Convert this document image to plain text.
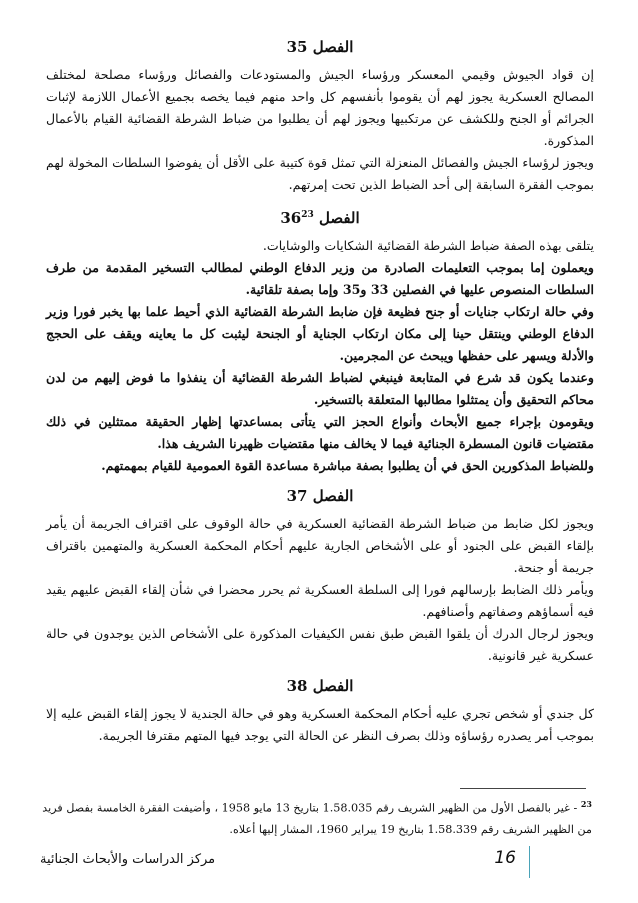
الفصل 35

إن قواد الجيوش وقيمي المعسكر ورؤساء الجيش والمستودعات والفصائل ورؤساء مصلحة لمختلف المصالح العسكرية يجوز لهم أن يقوموا بأنفسهم كل واحد منهم فيما يخصه بجميع الأعمال اللازمة لإثبات الجرائم أو الجنح وللكشف عن مرتكبيها ويجوز لهم أن يطلبوا من ضباط الشرطة القضائية القيام بالأعمال المذكورة.

ويجوز لرؤساء الجيش والفصائل المنعزلة التي تمثل قوة كتيبة على الأقل أن يفوضوا السلطات المخولة لهم بموجب الفقرة السابقة إلى أحد الضباط الذين تحت إمرتهم.

الفصل $36^{23}$

يتلقى بهذه الصفة ضباط الشرطة القضائية الشكايات والوشايات.

ويعملون إما بموجب التعليمات الصادرة من وزير الدفاع الوطني لمطالب التسخير المقدمة من طرف السلطات المنصوص عليها في الفصلين 33 و35 وإما بصفة تلقائية.

وفي حالة ارتكاب جنايات أو جنح فظيعة فإن ضابط الشرطة القضائية الذي أحيط علما بها يخبر فورا وزير الدفاع الوطني وينتقل حينا إلى مكان ارتكاب الجناية أو الجنحة ليثبت كل ما يعاينه ويقف على الحجج والأدلة ويسهر على حفظها ويبحث عن المجرمين.

وعندما يكون قد شرع في المتابعة فينبغي لضباط الشرطة القضائية أن ينفذوا ما فوض إليهم من لدن محاكم التحقيق وأن يمتثلوا مطالبها المتعلقة بالتسخير.

ويقومون بإجراء جميع الأبحاث وأنواع الحجز التي يتأتى بمساعدتها إظهار الحقيقة ممتثلين في ذلك مقتضيات قانون المسطرة الجنائية فيما لا يخالف منها مقتضيات ظهيرنا الشريف هذا.

وللضباط المذكورين الحق في أن يطلبوا بصفة مباشرة مساعدة القوة العمومية للقيام بمهمتهم.

الفصل 37

ويجوز لكل ضابط من ضباط الشرطة القضائية العسكرية في حالة الوقوف على اقتراف الجريمة أن يأمر بإلقاء القبض على الجنود أو على الأشخاص الجارية عليهم أحكام المحكمة العسكرية والمتهمين باقتراف جريمة أو جنحة.

ويأمر ذلك الضابط بإرسالهم فورا إلى السلطة العسكرية ثم يحرر محضرا في شأن إلقاء القبض عليهم يقيد فيه أسماؤهم وصفاتهم وأصنافهم.

ويجوز لرجال الدرك أن يلقوا القبض طبق نفس الكيفيات المذكورة على الأشخاص الذين يوجدون في حالة عسكرية غير قانونية.

الفصل 38

كل جندي أو شخص تجري عليه أحكام المحكمة العسكرية وهو في حالة الجندية لا يجوز إلقاء القبض عليه إلا بموجب أمر يصدره رؤساؤه وذلك بصرف النظر عن الحالة التي يوجد فيها المتهم مقترفا الجريمة.

$^{23}$ - غير بالفصل الأول من الظهير الشريف رقم 1.58.035 بتاريخ 13 مايو 1958 ، وأضيفت الفقرة الخامسة بفصل فريد من الظهير الشريف رقم 1.58.339 بتاريخ 19 يبراير 1960، المشار إليها أعلاه.
16
مركز الدراسات والأبحاث الجنائية
